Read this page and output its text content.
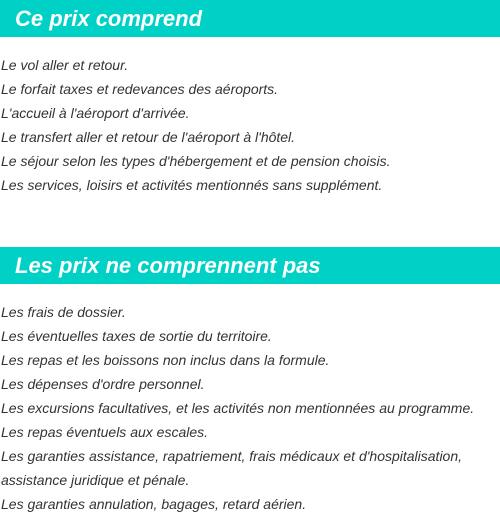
Ce prix comprend
Le vol aller et retour.
Le forfait taxes et redevances des aéroports.
L'accueil à l'aéroport d'arrivée.
Le transfert aller et retour de l'aéroport à l'hôtel.
Le séjour selon les types d'hébergement et de pension choisis.
Les services, loisirs et activités mentionnés sans supplément.
Les prix ne comprennent pas
Les frais de dossier.
Les éventuelles taxes de sortie du territoire.
Les repas et les boissons non inclus dans la formule.
Les dépenses d'ordre personnel.
Les excursions facultatives, et les activités non mentionnées au programme.
Les repas éventuels aux escales.
Les garanties assistance, rapatriement, frais médicaux et d'hospitalisation, assistance juridique et pénale.
Les garanties annulation, bagages, retard aérien.
